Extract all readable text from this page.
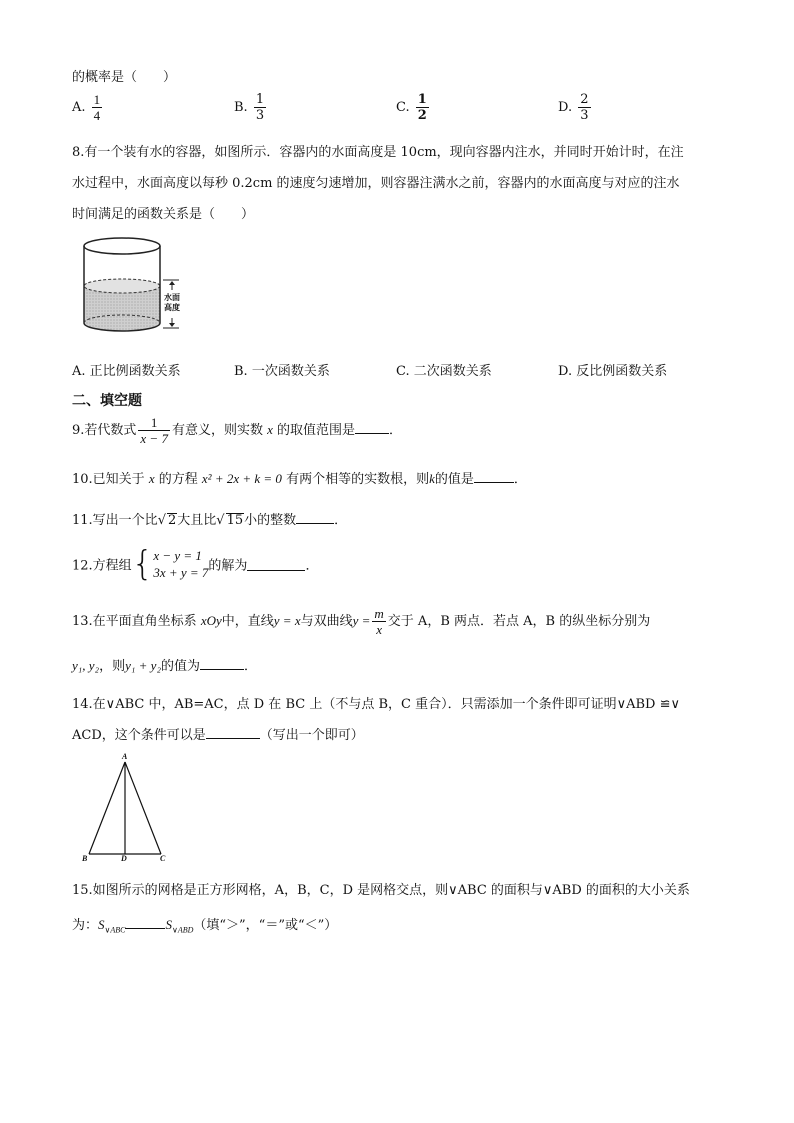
的概率是（　　）
A. $\frac{1}{4}$	B. $\frac{1}{3}$	C. $\frac{1}{2}$	D. $\frac{2}{3}$
8.有一个装有水的容器，如图所示．容器内的水面高度是 10cm，现向容器内注水，并同时开始计时，在注
水过程中，水面高度以每秒 0.2cm 的速度匀速增加，则容器注满水之前，容器内的水面高度与对应的注水
时间满足的函数关系是（　　）
水面
高度
A. 正比例函数关系	B. 一次函数关系	C. 二次函数关系	D. 反比例函数关系
二、填空题
9.若代数式 $\frac{1}{x - 7}$ 有意义，则实数 x 的取值范围是	．
10.已知关于 x 的方程 x² + 2x + k = 0 有两个相等的实数根，则k的值是	．
11.写出一个比√ 2大且比√ 15小的整数	．
12.方程组{ x − y = 1
3x + y = 7 的解为	．
13.在平面直角坐标系 xOy中，直线y = x与双曲线$y = \frac{m}{x}$ 交于 A，B 两点．若点 A，B 的纵坐标分别为
y₁, y₂，则y₁ + y₂的值为	．
14.在∨ABC 中，AB=AC，点 D 在 BC 上（不与点 B，C 重合）．只需添加一个条件即可证明∨ABD ≌∨
ACD，这个条件可以是	（写出一个即可）
A
B	D	C
15.如图所示的网格是正方形网格，A，B，C，D 是网格交点，则∨ABC 的面积与∨ABD 的面积的大小关系
为：$S_{\vee ABC}$	$S_{\vee ABD}$（填“＞”，“＝”或“＜”）
